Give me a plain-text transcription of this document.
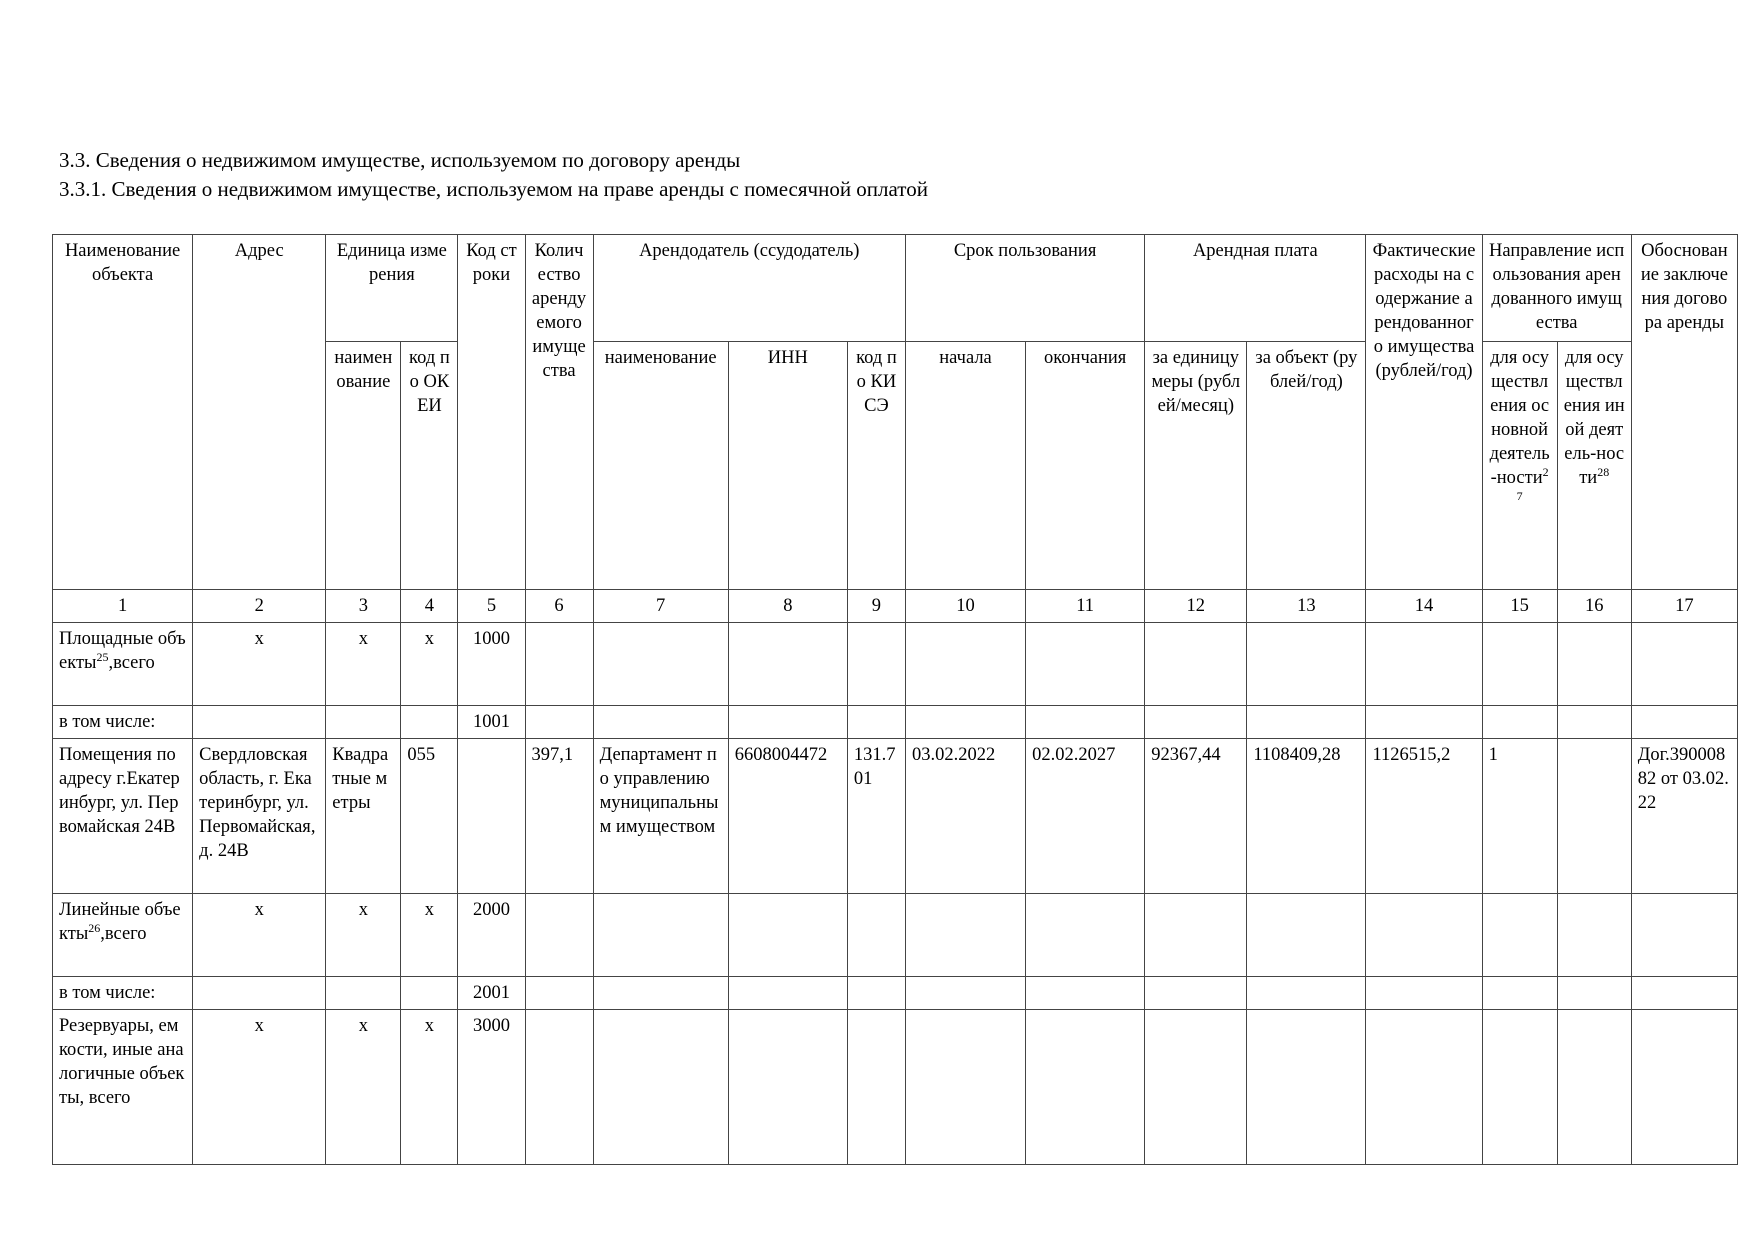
3.3. Сведения о недвижимом имуществе, используемом по договору аренды
3.3.1. Сведения о недвижимом имуществе, используемом на праве аренды с помесячной оплатой
Наименование объекта	Адрес	Единица измерения		Код строки	Количество арендуемого имущества	Арендодатель (ссудодатель)			Срок пользования		Арендная плата		Фактические расходы на содержание арендованного имущества (рублей/год)	Направление использования арендованного имущества		Обоснование заключения договора аренды
		наименование	код по ОКЕИ			наименование	ИНН	код по КИСЭ	начала	окончания	за единицу меры (рублей/месяц)	за объект (рублей/год)		для осуществления основной деятель-ности$^{27}$	для осуществления иной деятель-ности$^{28}$
1	2	3	4	5	6	7	8	9	10	11	12	13	14	15	16	17
Площадные объекты$^{25}$,всего	х	х	х	1000												
в том числе:				1001												
Помещения по адресу г.Екатеринбург, ул. Первомайская 24В	Свердловская область, г. Екатеринбург, ул. Первомайская, д. 24В	Квадратные метры	055		397,1	Департамент по управлению муниципальным имуществом	6608004472	131.701	03.02.2022	02.02.2027	92367,44	1108409,28	1126515,2	1		Дог.39000882 от 03.02.22
Линейные объекты$^{26}$,всего	х	х	х	2000												
в том числе:				2001												
Резервуары, емкости, иные аналогичные объекты, всего	х	х	х	3000												
